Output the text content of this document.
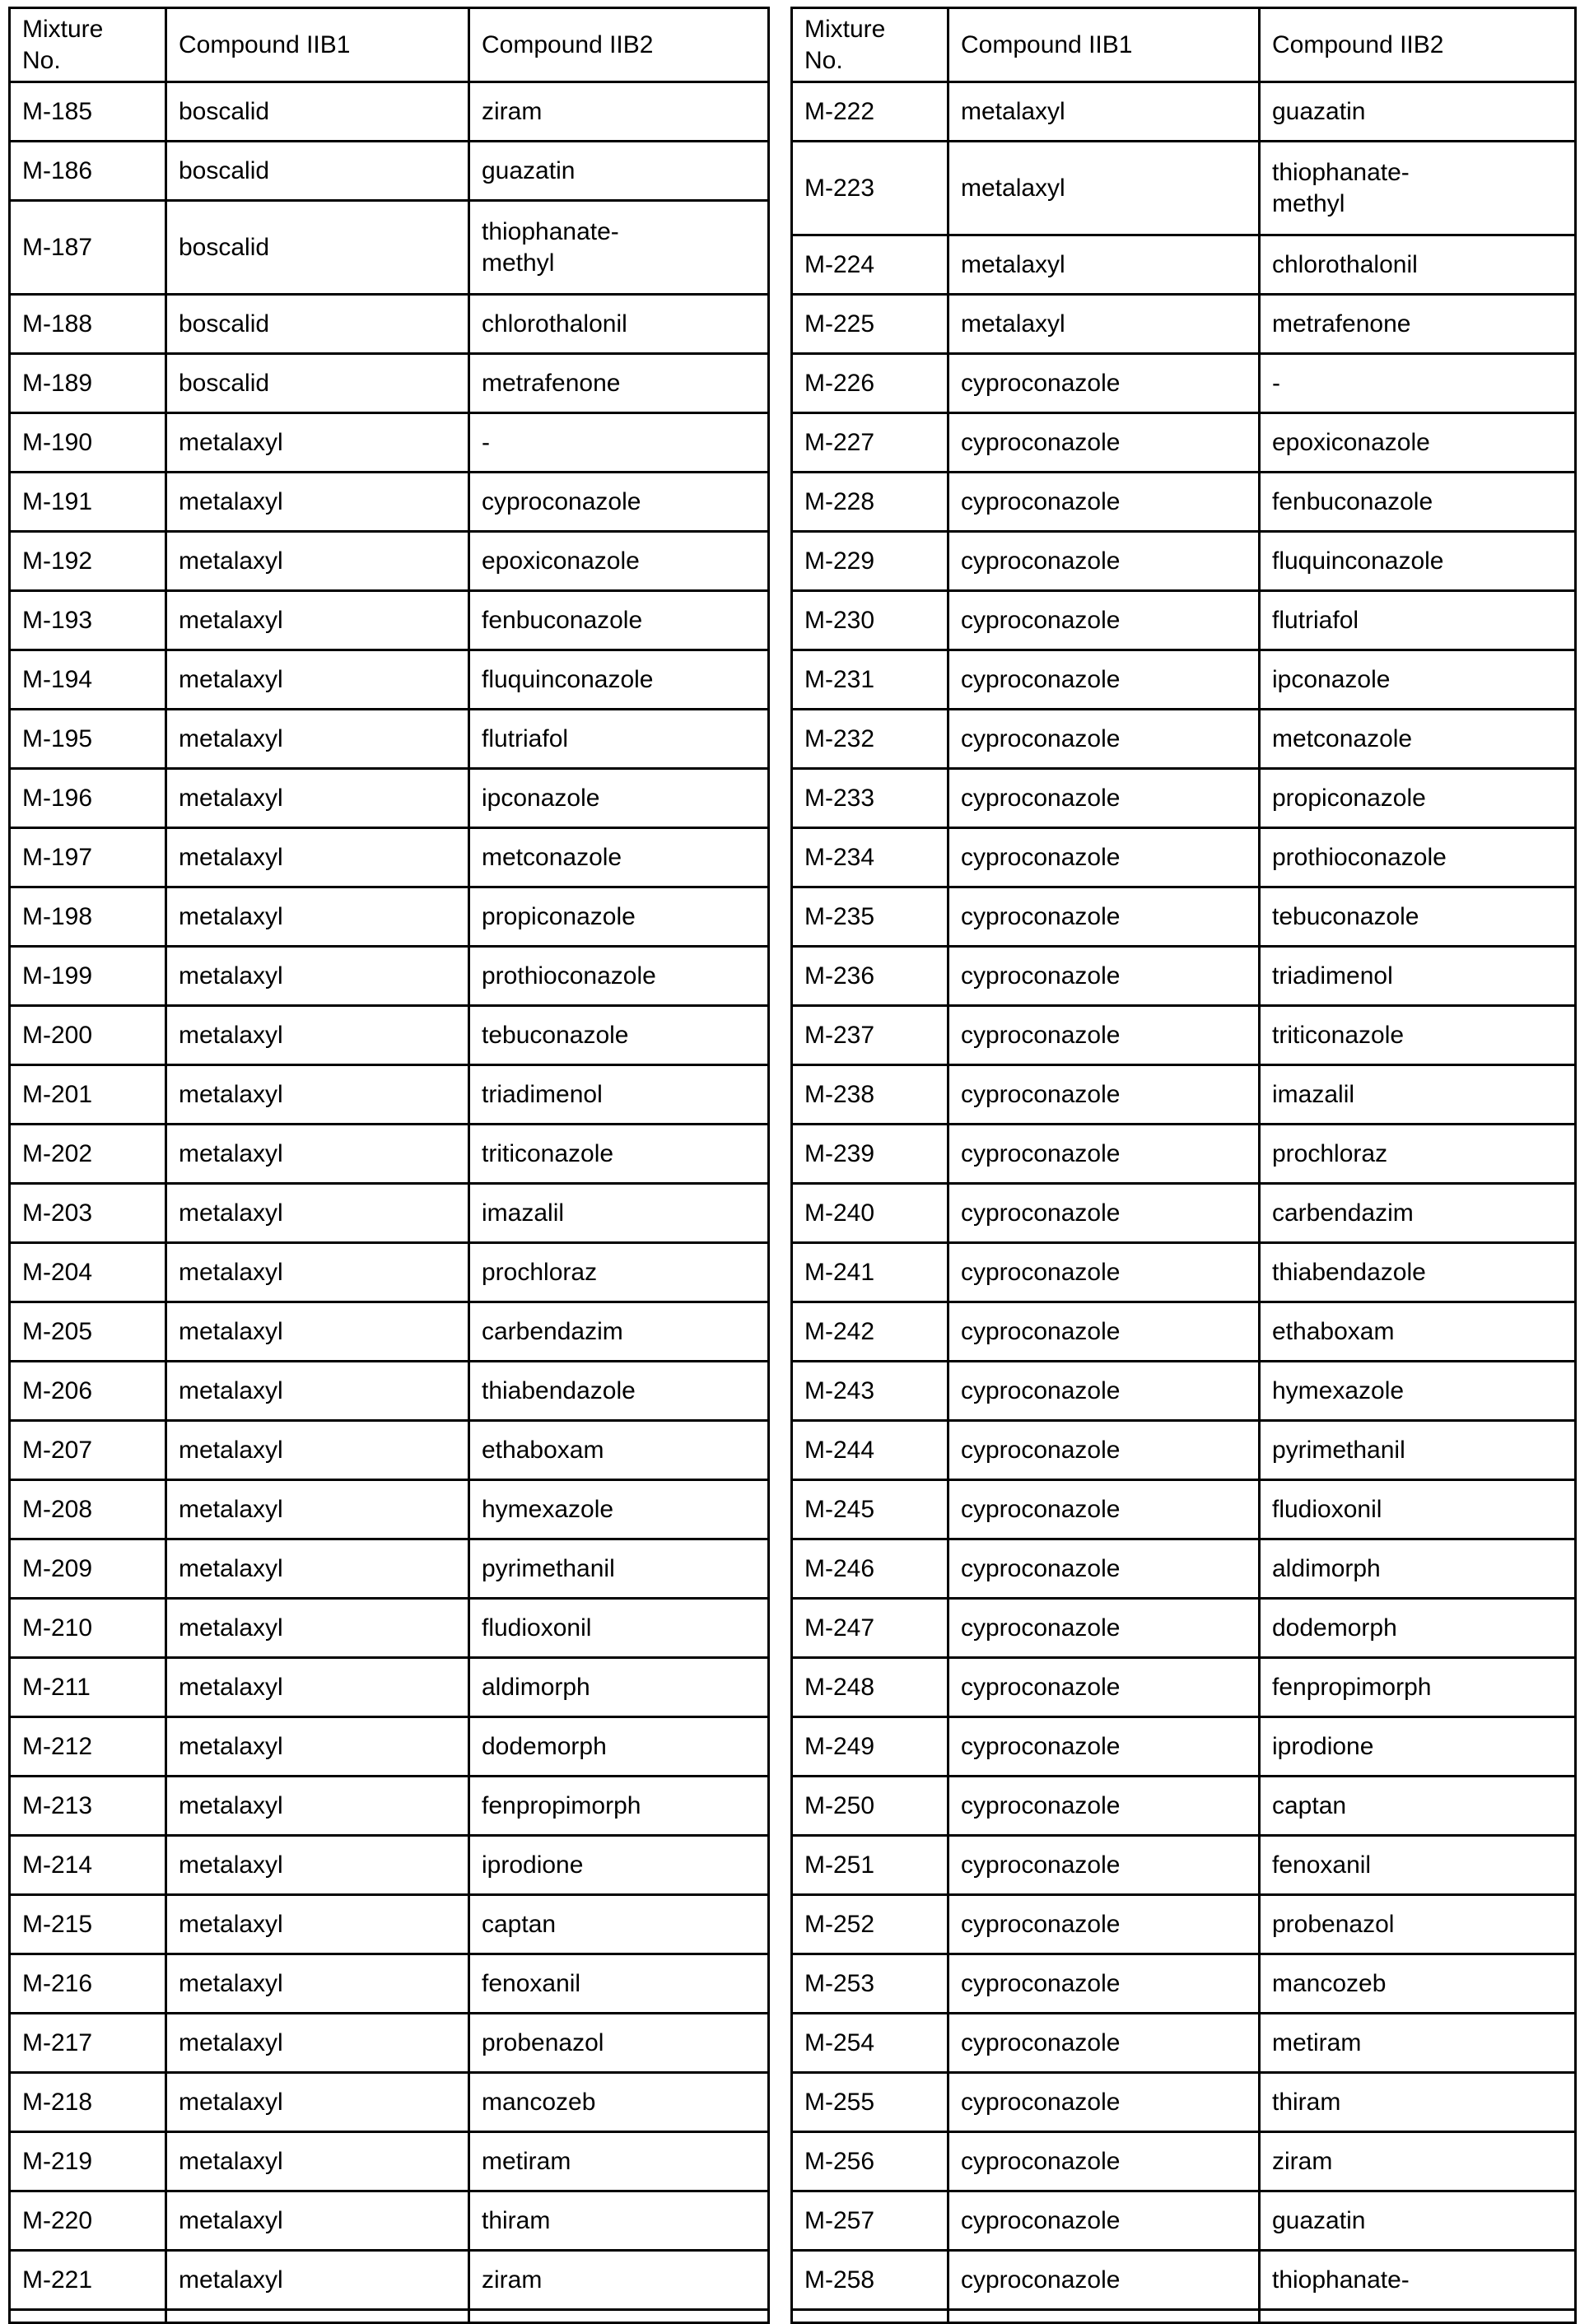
Mixture
No.	Compound IIB1	Compound IIB2
M-185	boscalid	ziram
M-186	boscalid	guazatin
M-187	boscalid	thiophanate-
methyl
M-188	boscalid	chlorothalonil
M-189	boscalid	metrafenone
M-190	metalaxyl	-
M-191	metalaxyl	cyproconazole
M-192	metalaxyl	epoxiconazole
M-193	metalaxyl	fenbuconazole
M-194	metalaxyl	fluquinconazole
M-195	metalaxyl	flutriafol
M-196	metalaxyl	ipconazole
M-197	metalaxyl	metconazole
M-198	metalaxyl	propiconazole
M-199	metalaxyl	prothioconazole
M-200	metalaxyl	tebuconazole
M-201	metalaxyl	triadimenol
M-202	metalaxyl	triticonazole
M-203	metalaxyl	imazalil
M-204	metalaxyl	prochloraz
M-205	metalaxyl	carbendazim
M-206	metalaxyl	thiabendazole
M-207	metalaxyl	ethaboxam
M-208	metalaxyl	hymexazole
M-209	metalaxyl	pyrimethanil
M-210	metalaxyl	fludioxonil
M-211	metalaxyl	aldimorph
M-212	metalaxyl	dodemorph
M-213	metalaxyl	fenpropimorph
M-214	metalaxyl	iprodione
M-215	metalaxyl	captan
M-216	metalaxyl	fenoxanil
M-217	metalaxyl	probenazol
M-218	metalaxyl	mancozeb
M-219	metalaxyl	metiram
M-220	metalaxyl	thiram
M-221	metalaxyl	ziram

Mixture
No.	Compound IIB1	Compound IIB2
M-222	metalaxyl	guazatin
M-223	metalaxyl	thiophanate-
methyl
M-224	metalaxyl	chlorothalonil
M-225	metalaxyl	metrafenone
M-226	cyproconazole	-
M-227	cyproconazole	epoxiconazole
M-228	cyproconazole	fenbuconazole
M-229	cyproconazole	fluquinconazole
M-230	cyproconazole	flutriafol
M-231	cyproconazole	ipconazole
M-232	cyproconazole	metconazole
M-233	cyproconazole	propiconazole
M-234	cyproconazole	prothioconazole
M-235	cyproconazole	tebuconazole
M-236	cyproconazole	triadimenol
M-237	cyproconazole	triticonazole
M-238	cyproconazole	imazalil
M-239	cyproconazole	prochloraz
M-240	cyproconazole	carbendazim
M-241	cyproconazole	thiabendazole
M-242	cyproconazole	ethaboxam
M-243	cyproconazole	hymexazole
M-244	cyproconazole	pyrimethanil
M-245	cyproconazole	fludioxonil
M-246	cyproconazole	aldimorph
M-247	cyproconazole	dodemorph
M-248	cyproconazole	fenpropimorph
M-249	cyproconazole	iprodione
M-250	cyproconazole	captan
M-251	cyproconazole	fenoxanil
M-252	cyproconazole	probenazol
M-253	cyproconazole	mancozeb
M-254	cyproconazole	metiram
M-255	cyproconazole	thiram
M-256	cyproconazole	ziram
M-257	cyproconazole	guazatin
M-258	cyproconazole	thiophanate-
